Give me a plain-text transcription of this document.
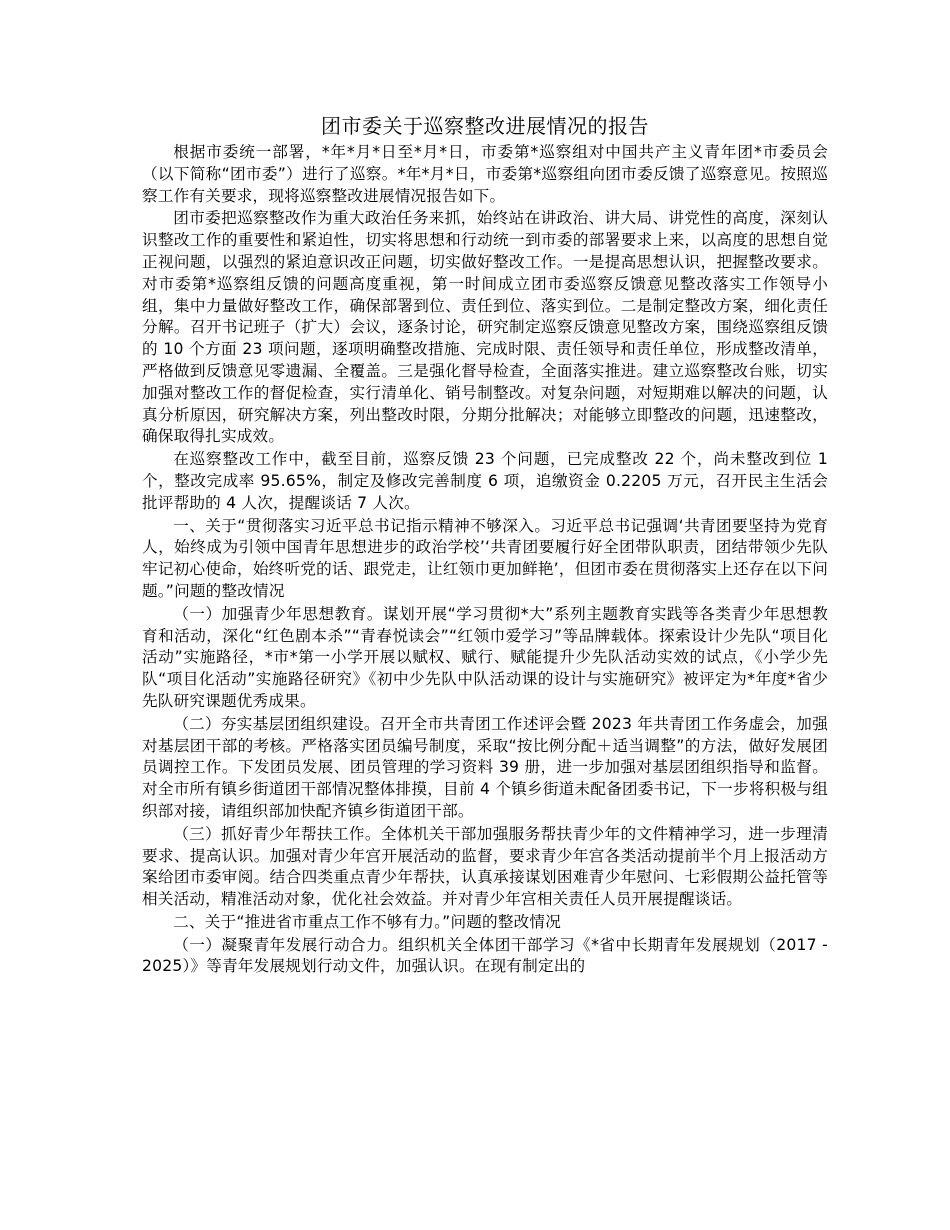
团市委关于巡察整改进展情况的报告

根据市委统一部署，*年*月*日至*月*日，市委第*巡察组对中国共产主义青年团*市委员会（以下简称“团市委”）进行了巡察。*年*月*日，市委第*巡察组向团市委反馈了巡察意见。按照巡察工作有关要求，现将巡察整改进展情况报告如下。

团市委把巡察整改作为重大政治任务来抓，始终站在讲政治、讲大局、讲党性的高度，深刻认识整改工作的重要性和紧迫性，切实将思想和行动统一到市委的部署要求上来，以高度的思想自觉正视问题，以强烈的紧迫意识改正问题，切实做好整改工作。一是提高思想认识，把握整改要求。对市委第*巡察组反馈的问题高度重视，第一时间成立团市委巡察反馈意见整改落实工作领导小组，集中力量做好整改工作，确保部署到位、责任到位、落实到位。二是制定整改方案，细化责任分解。召开书记班子（扩大）会议，逐条讨论，研究制定巡察反馈意见整改方案，围绕巡察组反馈的 10 个方面 23 项问题，逐项明确整改措施、完成时限、责任领导和责任单位，形成整改清单，严格做到反馈意见零遗漏、全覆盖。三是强化督导检查，全面落实推进。建立巡察整改台账，切实加强对整改工作的督促检查，实行清单化、销号制整改。对复杂问题，对短期难以解决的问题，认真分析原因，研究解决方案，列出整改时限，分期分批解决；对能够立即整改的问题，迅速整改，确保取得扎实成效。

在巡察整改工作中，截至目前，巡察反馈 23 个问题，已完成整改 22 个，尚未整改到位 1 个，整改完成率 95.65%，制定及修改完善制度 6 项，追缴资金 0.2205 万元，召开民主生活会批评帮助的 4 人次，提醒谈话 7 人次。

一、关于“贯彻落实习近平总书记指示精神不够深入。习近平总书记强调‘共青团要坚持为党育人，始终成为引领中国青年思想进步的政治学校’‘共青团要履行好全团带队职责，团结带领少先队牢记初心使命，始终听党的话、跟党走，让红领巾更加鲜艳’，但团市委在贯彻落实上还存在以下问题。”问题的整改情况

（一）加强青少年思想教育。谋划开展“学习贯彻*大”系列主题教育实践等各类青少年思想教育和活动，深化“红色剧本杀”“青春悦读会”“红领巾爱学习”等品牌载体。探索设计少先队“项目化活动”实施路径，*市*第一小学开展以赋权、赋行、赋能提升少先队活动实效的试点，《小学少先队“项目化活动”实施路径研究》《初中少先队中队活动课的设计与实施研究》被评定为*年度*省少先队研究课题优秀成果。

（二）夯实基层团组织建设。召开全市共青团工作述评会暨 2023 年共青团工作务虚会，加强对基层团干部的考核。严格落实团员编号制度，采取“按比例分配＋适当调整”的方法，做好发展团员调控工作。下发团员发展、团员管理的学习资料 39 册，进一步加强对基层团组织指导和监督。对全市所有镇乡街道团干部情况整体排摸，目前 4 个镇乡街道未配备团委书记，下一步将积极与组织部对接，请组织部加快配齐镇乡街道团干部。

（三）抓好青少年帮扶工作。全体机关干部加强服务帮扶青少年的文件精神学习，进一步理清要求、提高认识。加强对青少年宫开展活动的监督，要求青少年宫各类活动提前半个月上报活动方案给团市委审阅。结合四类重点青少年帮扶，认真承接谋划困难青少年慰问、七彩假期公益托管等相关活动，精准活动对象，优化社会效益。并对青少年宫相关责任人员开展提醒谈话。

二、关于“推进省市重点工作不够有力。”问题的整改情况

（一）凝聚青年发展行动合力。组织机关全体团干部学习《*省中长期青年发展规划（2017 - 2025）》等青年发展规划行动文件，加强认识。在现有制定出的
